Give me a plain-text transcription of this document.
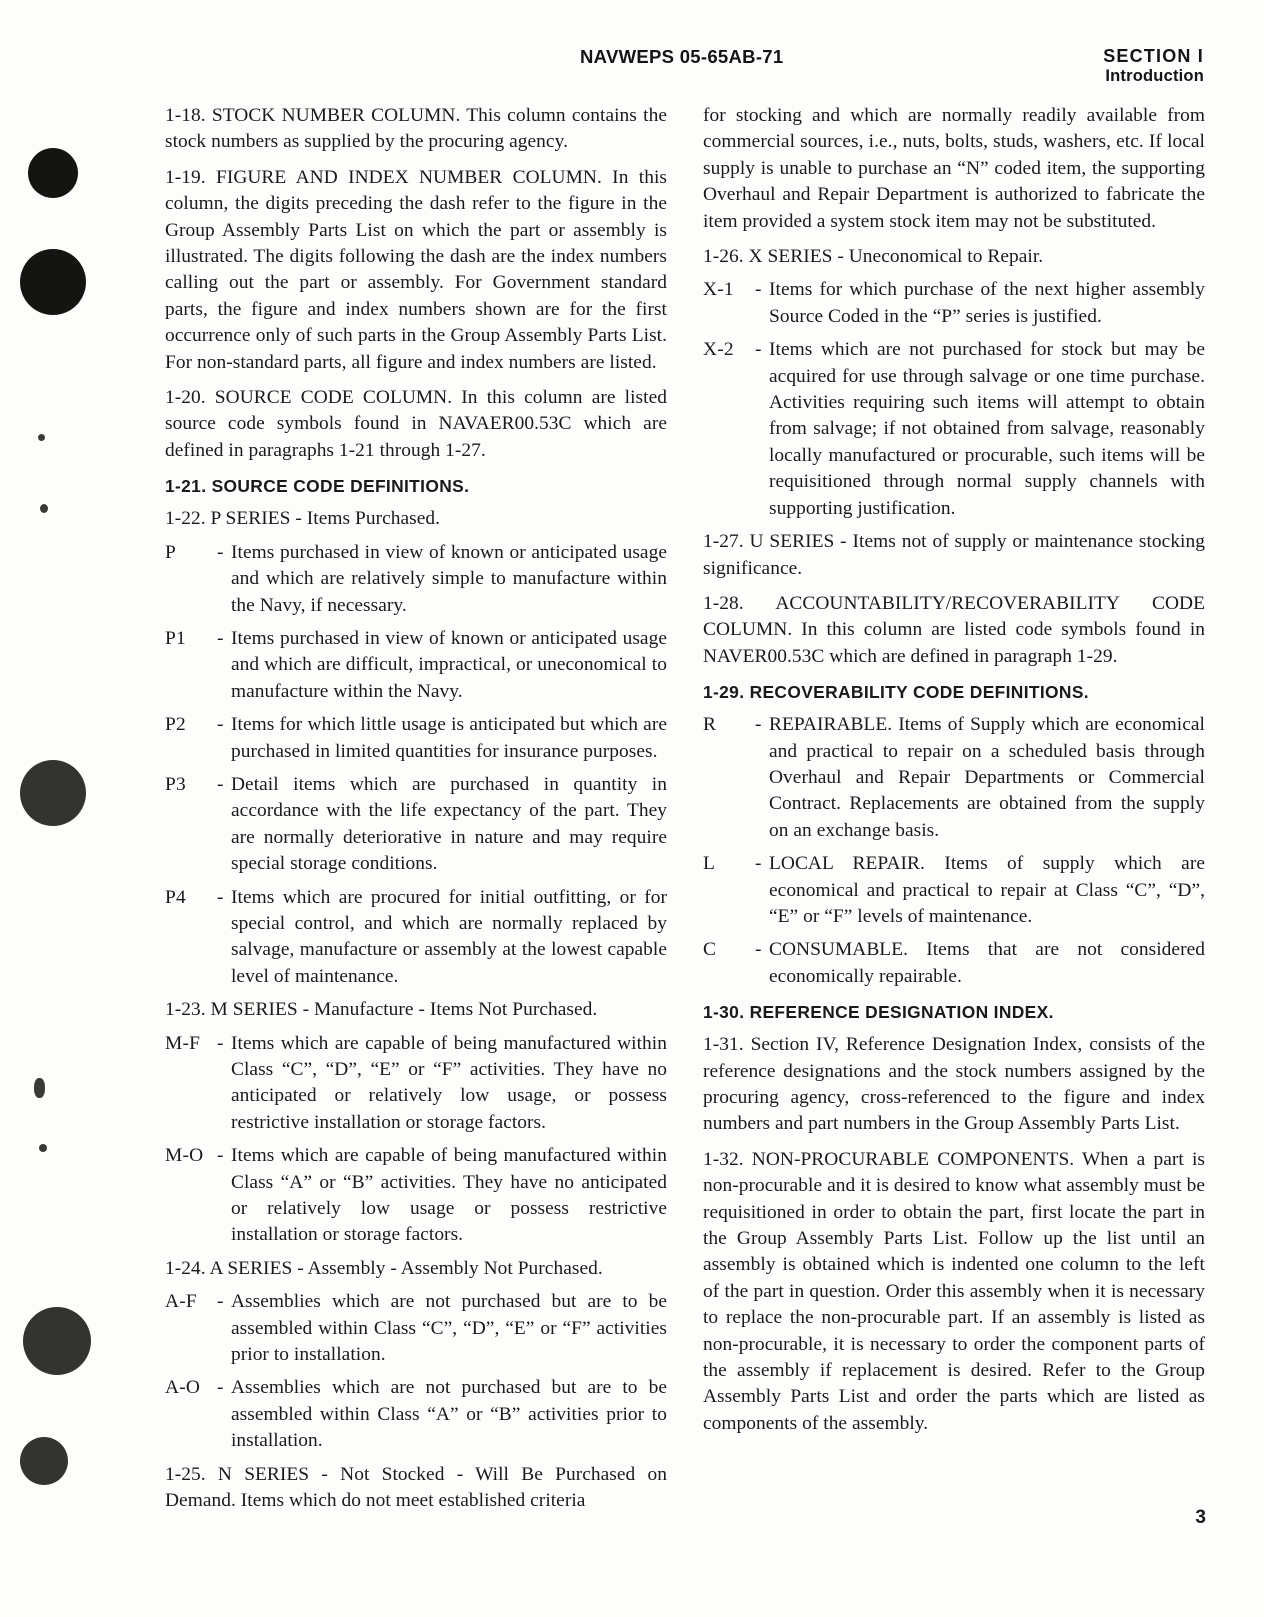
NAVWEPS 05-65AB-71	SECTION I
Introduction

1-18. STOCK NUMBER COLUMN. This column contains the stock numbers as supplied by the procuring agency.

1-19. FIGURE AND INDEX NUMBER COLUMN. In this column, the digits preceding the dash refer to the figure in the Group Assembly Parts List on which the part or assembly is illustrated. The digits following the dash are the index numbers calling out the part or assembly. For Government standard parts, the figure and index numbers shown are for the first occurrence only of such parts in the Group Assembly Parts List. For non-standard parts, all figure and index numbers are listed.

1-20. SOURCE CODE COLUMN. In this column are listed source code symbols found in NAVAER00.53C which are defined in paragraphs 1-21 through 1-27.

1-21. SOURCE CODE DEFINITIONS.

1-22. P SERIES - Items Purchased.

P	- Items purchased in view of known or anticipated usage and which are relatively simple to manufacture within the Navy, if necessary.
P1	- Items purchased in view of known or anticipated usage and which are difficult, impractical, or uneconomical to manufacture within the Navy.
P2	- Items for which little usage is anticipated but which are purchased in limited quantities for insurance purposes.
P3	- Detail items which are purchased in quantity in accordance with the life expectancy of the part. They are normally deteriorative in nature and may require special storage conditions.
P4	- Items which are procured for initial outfitting, or for special control, and which are normally replaced by salvage, manufacture or assembly at the lowest capable level of maintenance.

1-23. M SERIES - Manufacture - Items Not Purchased.

M-F - Items which are capable of being manufactured within Class “C”, “D”, “E” or “F” activities. They have no anticipated or relatively low usage, or possess restrictive installation or storage factors.
M-O - Items which are capable of being manufactured within Class “A” or “B” activities. They have no anticipated or relatively low usage or possess restrictive installation or storage factors.

1-24. A SERIES - Assembly - Assembly Not Purchased.

A-F	- Assemblies which are not purchased but are to be assembled within Class “C”, “D”, “E” or “F” activities prior to installation.
A-O - Assemblies which are not purchased but are to be assembled within Class “A” or “B” activities prior to installation.

1-25. N SERIES - Not Stocked - Will Be Purchased on Demand. Items which do not meet established criteria

for stocking and which are normally readily available from commercial sources, i.e., nuts, bolts, studs, washers, etc. If local supply is unable to purchase an “N” coded item, the supporting Overhaul and Repair Department is authorized to fabricate the item provided a system stock item may not be substituted.

1-26. X SERIES - Uneconomical to Repair.

X-1	- Items for which purchase of the next higher assembly Source Coded in the “P” series is justified.
X-2	- Items which are not purchased for stock but may be acquired for use through salvage or one time purchase. Activities requiring such items will attempt to obtain from salvage; if not obtained from salvage, reasonably locally manufactured or procurable, such items will be requisitioned through normal supply channels with supporting justification.

1-27. U SERIES - Items not of supply or maintenance stocking significance.

1-28. ACCOUNTABILITY/RECOVERABILITY CODE COLUMN. In this column are listed code symbols found in NAVER00.53C which are defined in paragraph 1-29.

1-29. RECOVERABILITY CODE DEFINITIONS.
R	- REPAIRABLE. Items of Supply which are economical and practical to repair on a scheduled basis through Overhaul and Repair Departments or Commercial Contract. Replacements are obtained from the supply on an exchange basis.
L	- LOCAL REPAIR. Items of supply which are economical and practical to repair at Class “C”, “D”, “E” or “F” levels of maintenance.
C	- CONSUMABLE. Items that are not considered economically repairable.
1-30. REFERENCE DESIGNATION INDEX.

1-31. Section IV, Reference Designation Index, consists of the reference designations and the stock numbers assigned by the procuring agency, cross-referenced to the figure and index numbers and part numbers in the Group Assembly Parts List.

1-32. NON-PROCURABLE COMPONENTS. When a part is non-procurable and it is desired to know what assembly must be requisitioned in order to obtain the part, first locate the part in the Group Assembly Parts List. Follow up the list until an assembly is obtained which is indented one column to the left of the part in question. Order this assembly when it is necessary to replace the non-procurable part. If an assembly is listed as non-procurable, it is necessary to order the component parts of the assembly if replacement is desired. Refer to the Group Assembly Parts List and order the parts which are listed as components of the assembly.

3
